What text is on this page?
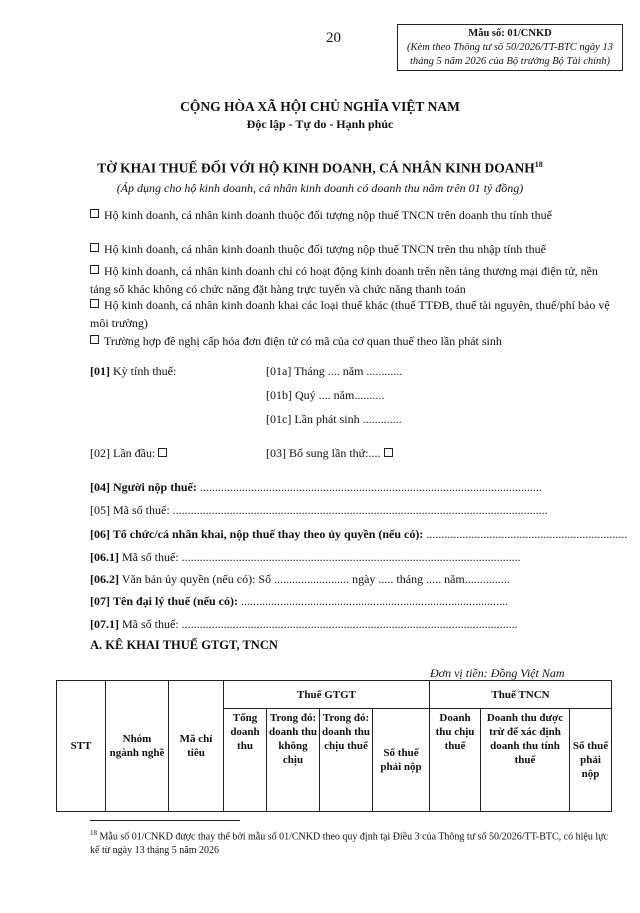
20	Mẫu số: 01/CNKD
(Kèm theo Thông tư số 50/2026/TT-BTC ngày 13 tháng 5 năm 2026 của Bộ trưởng Bộ Tài chính)
CỘNG HÒA XÃ HỘI CHỦ NGHĨA VIỆT NAM
Độc lập - Tự do - Hạnh phúc
TỜ KHAI THUẾ ĐỐI VỚI HỘ KINH DOANH, CÁ NHÂN KINH DOANH$^{18}$
(Áp dụng cho hộ kinh doanh, cá nhân kinh doanh có doanh thu năm trên 01 tỷ đồng)
Hộ kinh doanh, cá nhân kinh doanh thuộc đối tượng nộp thuế TNCN trên doanh thu tính thuế
Hộ kinh doanh, cá nhân kinh doanh thuộc đối tượng nộp thuế TNCN trên thu nhập tính thuế
Hộ kinh doanh, cá nhân kinh doanh chỉ có hoạt động kinh doanh trên nền tảng thương mại điện tử, nền tảng số khác không có chức năng đặt hàng trực tuyến và chức năng thanh toán
Hộ kinh doanh, cá nhân kinh doanh khai các loại thuế khác (thuế TTĐB, thuế tài nguyên, thuế/phí bảo vệ môi trường)
Trường hợp đề nghị cấp hóa đơn điện tử có mã của cơ quan thuế theo lần phát sinh
[01] Kỳ tính thuế:	[01a] Tháng .... năm ............
[01b] Quý .... năm..........
[01c] Lần phát sinh .............
[02] Lần đầu:	[03] Bổ sung lần thứ:....
[04] Người nộp thuế: ..................................................................................................................
[05] Mã số thuế: .............................................................................................................................
[06] Tổ chức/cá nhân khai, nộp thuế thay theo ủy quyền (nếu có): ...................................................................
[06.1] Mã số thuế: .................................................................................................................
[06.2] Văn bản ủy quyền (nếu có): Số ......................... ngày ..... tháng ..... năm...............
[07] Tên đại lý thuế (nếu có): .........................................................................................
[07.1] Mã số thuế: ................................................................................................................
A. KÊ KHAI THUẾ GTGT, TNCN
Đơn vị tiền: Đồng Việt Nam
STT	Nhóm ngành nghề	Mã chỉ tiêu	Thuế GTGT				Thuế TNCN		
			Tổng doanh thu	Trong đó: doanh thu không chịu	Trong đó: doanh thu chịu thuế	Số thuế phải nộp	Doanh thu chịu thuế	Doanh thu được trừ để xác định doanh thu tính thuế	Số thuế phải nộp
$^{18}$ Mẫu số 01/CNKD được thay thế bởi mẫu số 01/CNKD theo quy định tại Điều 3 của Thông tư số 50/2026/TT-BTC, có hiệu lực kể từ ngày 13 tháng 5 năm 2026
